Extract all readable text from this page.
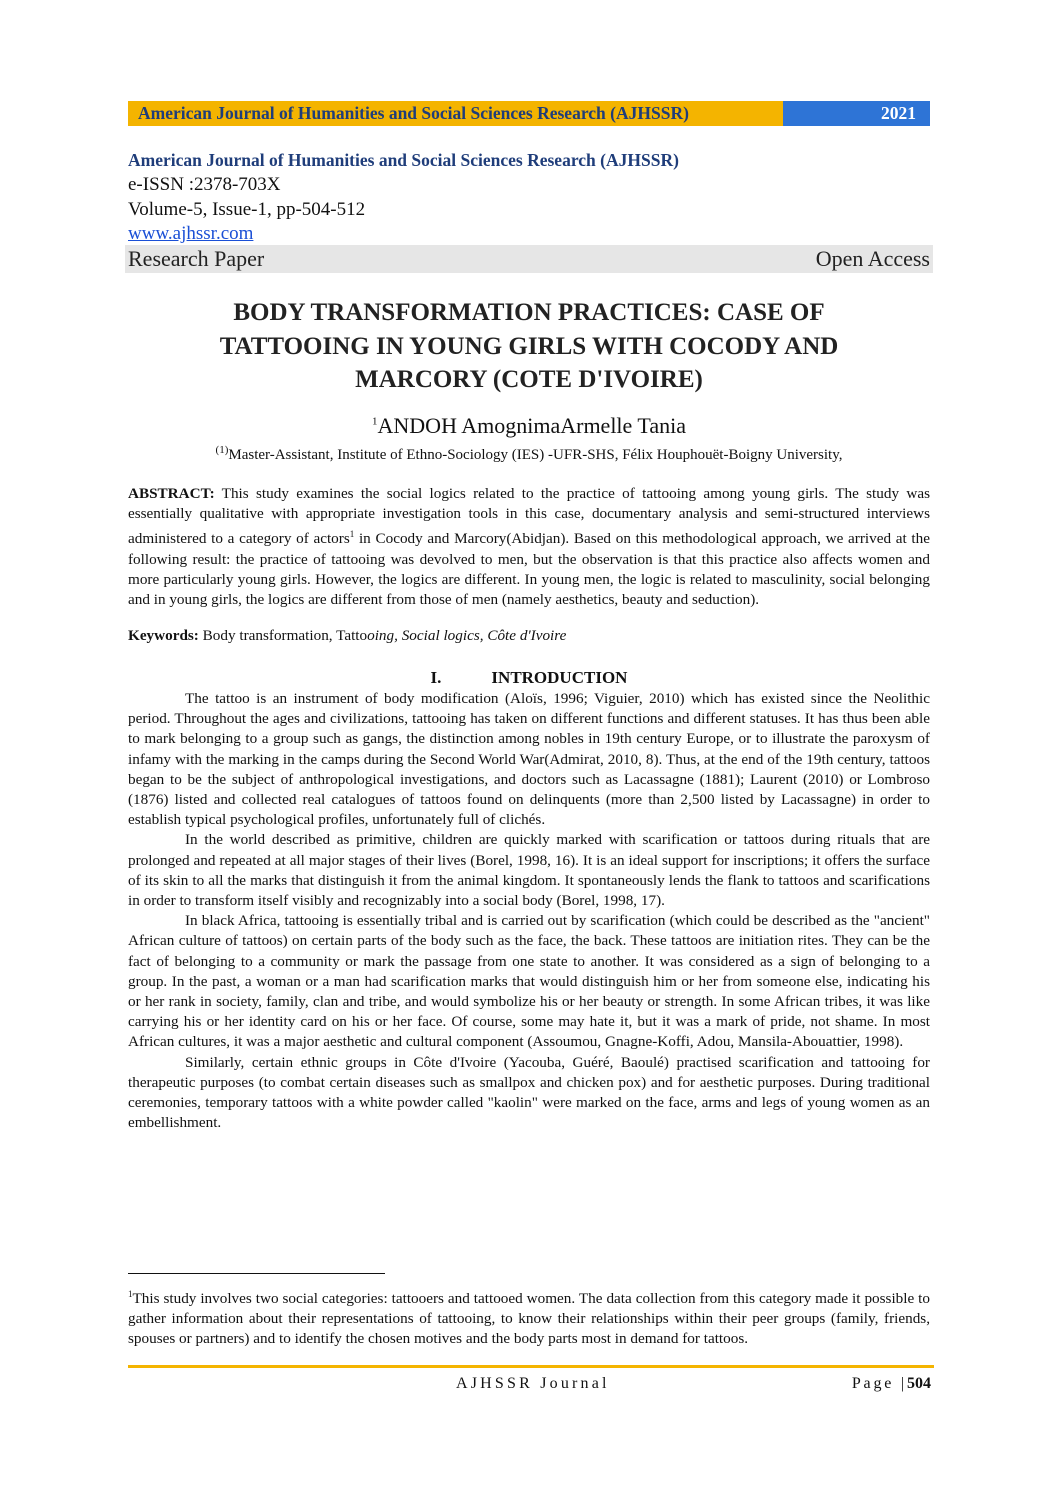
American Journal of Humanities and Social Sciences Research (AJHSSR)	2021
American Journal of Humanities and Social Sciences Research (AJHSSR)
e-ISSN :2378-703X
Volume-5, Issue-1, pp-504-512
www.ajhssr.com
Research Paper	Open Access
BODY TRANSFORMATION PRACTICES: CASE OF
TATTOOING IN YOUNG GIRLS WITH COCODY AND
MARCORY (COTE D'IVOIRE)
$^1$ANDOH AmognimaArmelle Tania
$^{(1)}$Master-Assistant, Institute of Ethno-Sociology (IES) -UFR-SHS, Félix Houphouët-Boigny University,

ABSTRACT: This study examines the social logics related to the practice of tattooing among young girls. The study was essentially qualitative with appropriate investigation tools in this case, documentary analysis and semi-structured interviews administered to a category of actors$^1$ in Cocody and Marcory(Abidjan). Based on this methodological approach, we arrived at the following result: the practice of tattooing was devolved to men, but the observation is that this practice also affects women and more particularly young girls. However, the logics are different. In young men, the logic is related to masculinity, social belonging and in young girls, the logics are different from those of men (namely aesthetics, beauty and seduction).

Keywords: Body transformation, Tattooing, Social logics, Côte d'Ivoire
I.	INTRODUCTION

The tattoo is an instrument of body modification (Aloïs, 1996; Viguier, 2010) which has existed since the Neolithic period. Throughout the ages and civilizations, tattooing has taken on different functions and different statuses. It has thus been able to mark belonging to a group such as gangs, the distinction among nobles in 19th century Europe, or to illustrate the paroxysm of infamy with the marking in the camps during the Second World War(Admirat, 2010, 8). Thus, at the end of the 19th century, tattoos began to be the subject of anthropological investigations, and doctors such as Lacassagne (1881); Laurent (2010) or Lombroso (1876) listed and collected real catalogues of tattoos found on delinquents (more than 2,500 listed by Lacassagne) in order to establish typical psychological profiles, unfortunately full of clichés.

In the world described as primitive, children are quickly marked with scarification or tattoos during rituals that are prolonged and repeated at all major stages of their lives (Borel, 1998, 16). It is an ideal support for inscriptions; it offers the surface of its skin to all the marks that distinguish it from the animal kingdom. It spontaneously lends the flank to tattoos and scarifications in order to transform itself visibly and recognizably into a social body (Borel, 1998, 17).

In black Africa, tattooing is essentially tribal and is carried out by scarification (which could be described as the "ancient" African culture of tattoos) on certain parts of the body such as the face, the back. These tattoos are initiation rites. They can be the fact of belonging to a community or mark the passage from one state to another. It was considered as a sign of belonging to a group. In the past, a woman or a man had scarification marks that would distinguish him or her from someone else, indicating his or her rank in society, family, clan and tribe, and would symbolize his or her beauty or strength. In some African tribes, it was like carrying his or her identity card on his or her face. Of course, some may hate it, but it was a mark of pride, not shame. In most African cultures, it was a major aesthetic and cultural component (Assoumou, Gnagne-Koffi, Adou, Mansila-Abouattier, 1998).

Similarly, certain ethnic groups in Côte d'Ivoire (Yacouba, Guéré, Baoulé) practised scarification and tattooing for therapeutic purposes (to combat certain diseases such as smallpox and chicken pox) and for aesthetic purposes. During traditional ceremonies, temporary tattoos with a white powder called "kaolin" were marked on the face, arms and legs of young women as an embellishment.

$^1$This study involves two social categories: tattooers and tattooed women. The data collection from this category made it possible to gather information about their representations of tattooing, to know their relationships within their peer groups (family, friends, spouses or partners) and to identify the chosen motives and the body parts most in demand for tattoos.
AJHSSR Journal	Page |504
